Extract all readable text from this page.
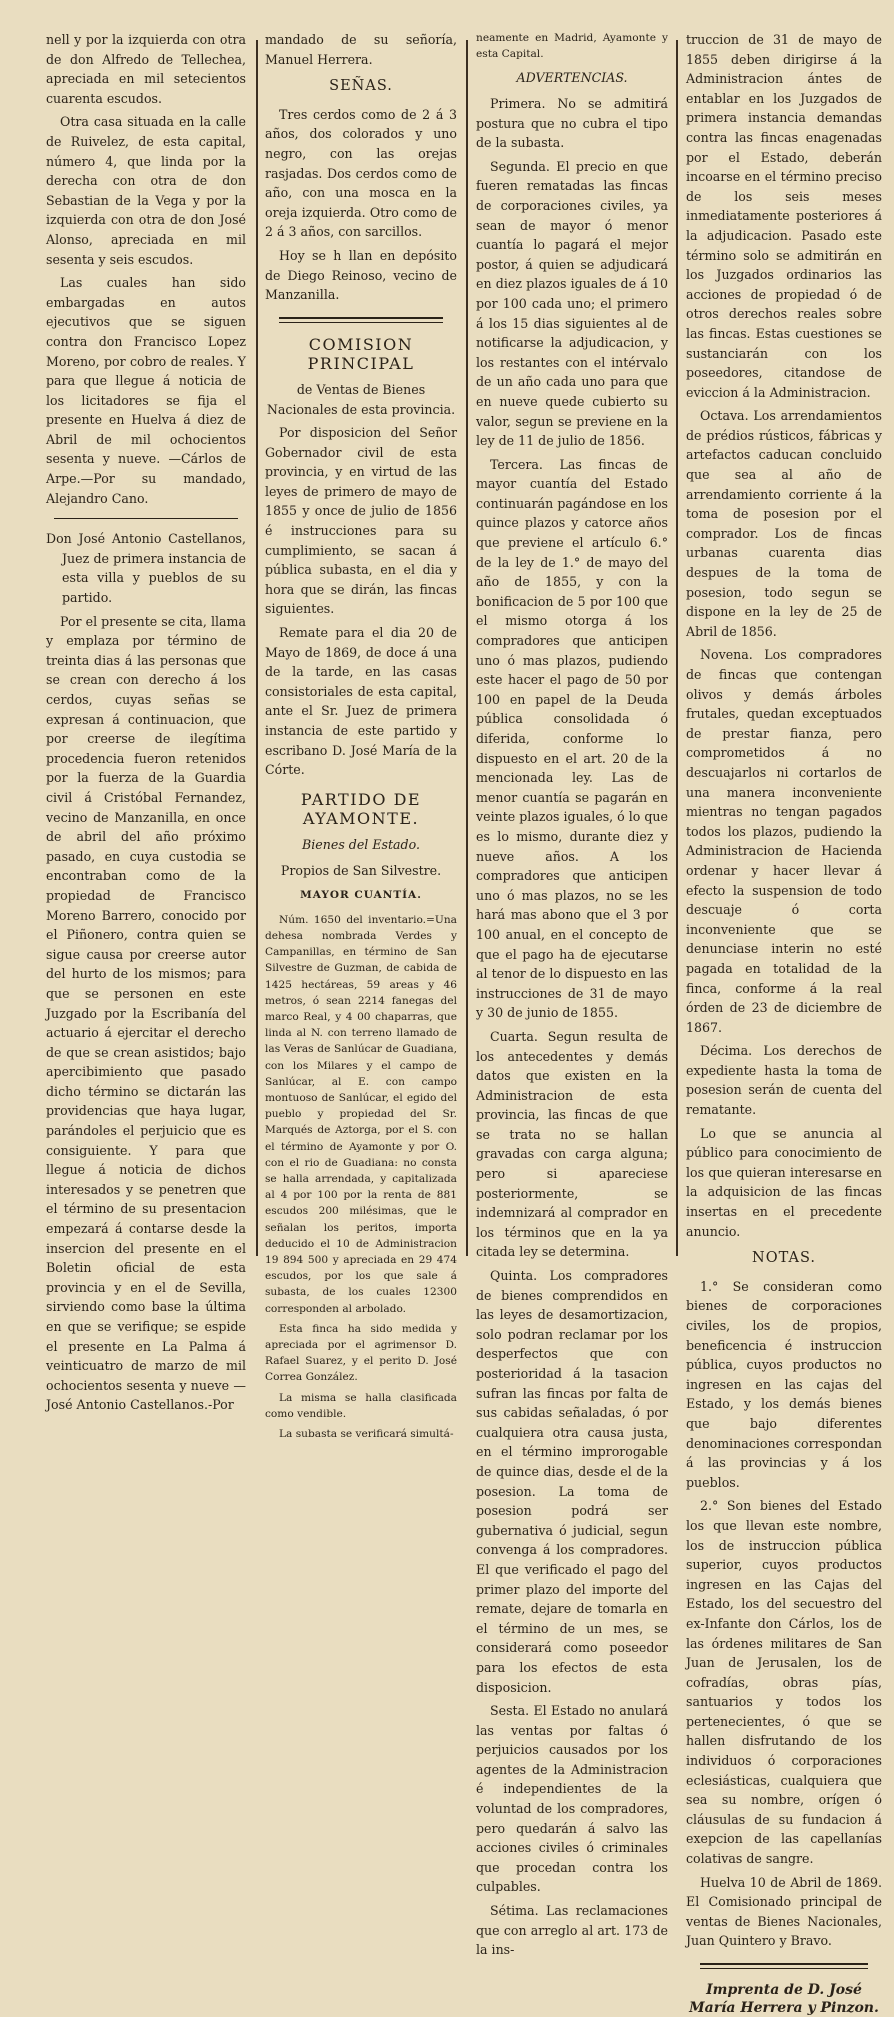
nell y por la izquierda con otra de don Alfredo de Tellechea, apreciada en mil setecientos cuarenta escudos.

Otra casa situada en la calle de Ruivelez, de esta capital, número 4, que linda por la derecha con otra de don Sebastian de la Vega y por la izquierda con otra de don José Alonso, apreciada en mil sesenta y seis escudos.

Las cuales han sido embargadas en autos ejecutivos que se siguen contra don Francisco Lopez Moreno, por cobro de reales. Y para que llegue á noticia de los licitadores se fija el presente en Huelva á diez de Abril de mil ochocientos sesenta y nueve. —Cárlos de Arpe.—Por su mandado, Alejandro Cano.

Don José Antonio Castellanos, Juez de primera instancia de esta villa y pueblos de su partido.

Por el presente se cita, llama y emplaza por término de treinta dias á las personas que se crean con derecho á los cerdos, cuyas señas se expresan á continuacion, que por creerse de ilegítima procedencia fueron retenidos por la fuerza de la Guardia civil á Cristóbal Fernandez, vecino de Manzanilla, en once de abril del año próximo pasado, en cuya custodia se encontraban como de la propiedad de Francisco Moreno Barrero, conocido por el Piñonero, contra quien se sigue causa por creerse autor del hurto de los mismos; para que se personen en este Juzgado por la Escribanía del actuario á ejercitar el derecho de que se crean asistidos; bajo apercibimiento que pasado dicho término se dictarán las providencias que haya lugar, parándoles el perjuicio que es consiguiente. Y para que llegue á noticia de dichos interesados y se penetren que el término de su presentacion empezará á contarse desde la insercion del presente en el Boletin oficial de esta provincia y en el de Sevilla, sirviendo como base la última en que se verifique; se espide el presente en La Palma á veinticuatro de marzo de mil ochocientos sesenta y nueve — José Antonio Castellanos.-Por

mandado de su señoría, Manuel Herrera.

SEÑAS.

Tres cerdos como de 2 á 3 años, dos colorados y uno negro, con las orejas rasjadas. Dos cerdos como de año, con una mosca en la oreja izquierda. Otro como de 2 á 3 años, con sarcillos.

Hoy se h llan en depósito de Diego Reinoso, vecino de Manzanilla.

COMISION PRINCIPAL

de Ventas de Bienes Nacionales de esta provincia.

Por disposicion del Señor Gobernador civil de esta provincia, y en virtud de las leyes de primero de mayo de 1855 y once de julio de 1856 é instrucciones para su cumplimiento, se sacan á pública subasta, en el dia y hora que se dirán, las fincas siguientes.

Remate para el dia 20 de Mayo de 1869, de doce á una de la tarde, en las casas consistoriales de esta capital, ante el Sr. Juez de primera instancia de este partido y escribano D. José María de la Córte.

PARTIDO DE AYAMONTE.
Bienes del Estado.
Propios de San Silvestre.
MAYOR CUANTÍA.

Núm. 1650 del inventario.=Una dehesa nombrada Verdes y Campanillas, en término de San Silvestre de Guzman, de cabida de 1425 hectáreas, 59 areas y 46 metros, ó sean 2214 fanegas del marco Real, y 4 00 chaparras, que linda al N. con terreno llamado de las Veras de Sanlúcar de Guadiana, con los Milares y el campo de Sanlúcar, al E. con campo montuoso de Sanlúcar, el egido del pueblo y propiedad del Sr. Marqués de Aztorga, por el S. con el término de Ayamonte y por O. con el rio de Guadiana: no consta se halla arrendada, y capitalizada al 4 por 100 por la renta de 881 escudos 200 milésimas, que le señalan los peritos, importa deducido el 10 de Administracion 19 894 500 y apreciada en 29 474 escudos, por los que sale á subasta, de los cuales 12300 corresponden al arbolado.

Esta finca ha sido medida y apreciada por el agrimensor D. Rafael Suarez, y el perito D. José Correa González.

La misma se halla clasificada como vendible.

La subasta se verificará simultá-

neamente en Madrid, Ayamonte y esta Capital.

ADVERTENCIAS.

Primera. No se admitirá postura que no cubra el tipo de la subasta.

Segunda. El precio en que fueren rematadas las fincas de corporaciones civiles, ya sean de mayor ó menor cuantía lo pagará el mejor postor, á quien se adjudicará en diez plazos iguales de á 10 por 100 cada uno; el primero á los 15 dias siguientes al de notificarse la adjudicacion, y los restantes con el intérvalo de un año cada uno para que en nueve quede cubierto su valor, segun se previene en la ley de 11 de julio de 1856.

Tercera. Las fincas de mayor cuantía del Estado continuarán pagándose en los quince plazos y catorce años que previene el artículo 6.° de la ley de 1.° de mayo del año de 1855, y con la bonificacion de 5 por 100 que el mismo otorga á los compradores que anticipen uno ó mas plazos, pudiendo este hacer el pago de 50 por 100 en papel de la Deuda pública consolidada ó diferida, conforme lo dispuesto en el art. 20 de la mencionada ley. Las de menor cuantía se pagarán en veinte plazos iguales, ó lo que es lo mismo, durante diez y nueve años. A los compradores que anticipen uno ó mas plazos, no se les hará mas abono que el 3 por 100 anual, en el concepto de que el pago ha de ejecutarse al tenor de lo dispuesto en las instrucciones de 31 de mayo y 30 de junio de 1855.

Cuarta. Segun resulta de los antecedentes y demás datos que existen en la Administracion de esta provincia, las fincas de que se trata no se hallan gravadas con carga alguna; pero si apareciese posteriormente, se indemnizará al comprador en los términos que en la ya citada ley se determina.

Quinta. Los compradores de bienes comprendidos en las leyes de desamortizacion, solo podran reclamar por los desperfectos que con posterioridad á la tasacion sufran las fincas por falta de sus cabidas señaladas, ó por cualquiera otra causa justa, en el término improrogable de quince dias, desde el de la posesion. La toma de posesion podrá ser gubernativa ó judicial, segun convenga á los compradores. El que verificado el pago del primer plazo del importe del remate, dejare de tomarla en el término de un mes, se considerará como poseedor para los efectos de esta disposicion.

Sesta. El Estado no anulará las ventas por faltas ó perjuicios causados por los agentes de la Administracion é independientes de la voluntad de los compradores, pero quedarán á salvo las acciones civiles ó criminales que procedan contra los culpables.

Sétima. Las reclamaciones que con arreglo al art. 173 de la ins-

truccion de 31 de mayo de 1855 deben dirigirse á la Administracion ántes de entablar en los Juzgados de primera instancia demandas contra las fincas enagenadas por el Estado, deberán incoarse en el término preciso de los seis meses inmediatamente posteriores á la adjudicacion. Pasado este término solo se admitirán en los Juzgados ordinarios las acciones de propiedad ó de otros derechos reales sobre las fincas. Estas cuestiones se sustanciarán con los poseedores, citandose de eviccion á la Administracion.

Octava. Los arrendamientos de prédios rústicos, fábricas y artefactos caducan concluido que sea al año de arrendamiento corriente á la toma de posesion por el comprador. Los de fincas urbanas cuarenta dias despues de la toma de posesion, todo segun se dispone en la ley de 25 de Abril de 1856.

Novena. Los compradores de fincas que contengan olivos y demás árboles frutales, quedan exceptuados de prestar fianza, pero comprometidos á no descuajarlos ni cortarlos de una manera inconveniente mientras no tengan pagados todos los plazos, pudiendo la Administracion de Hacienda ordenar y hacer llevar á efecto la suspension de todo descuaje ó corta inconveniente que se denunciase interin no esté pagada en totalidad de la finca, conforme á la real órden de 23 de diciembre de 1867.

Décima. Los derechos de expediente hasta la toma de posesion serán de cuenta del rematante.

Lo que se anuncia al público para conocimiento de los que quieran interesarse en la adquisicion de las fincas insertas en el precedente anuncio.

NOTAS.

1.° Se consideran como bienes de corporaciones civiles, los de propios, beneficencia é instruccion pública, cuyos productos no ingresen en las cajas del Estado, y los demás bienes que bajo diferentes denominaciones correspondan á las provincias y á los pueblos.

2.° Son bienes del Estado los que llevan este nombre, los de instruccion pública superior, cuyos productos ingresen en las Cajas del Estado, los del secuestro del ex-Infante don Cárlos, los de las órdenes militares de San Juan de Jerusalen, los de cofradías, obras pías, santuarios y todos los pertenecientes, ó que se hallen disfrutando de los individuos ó corporaciones eclesiásticas, cualquiera que sea su nombre, orígen ó cláusulas de su fundacion á exepcion de las capellanías colativas de sangre.

Huelva 10 de Abril de 1869. El Comisionado principal de ventas de Bienes Nacionales, Juan Quintero y Bravo.

Imprenta de D. José María Herrera y Pinzon.
